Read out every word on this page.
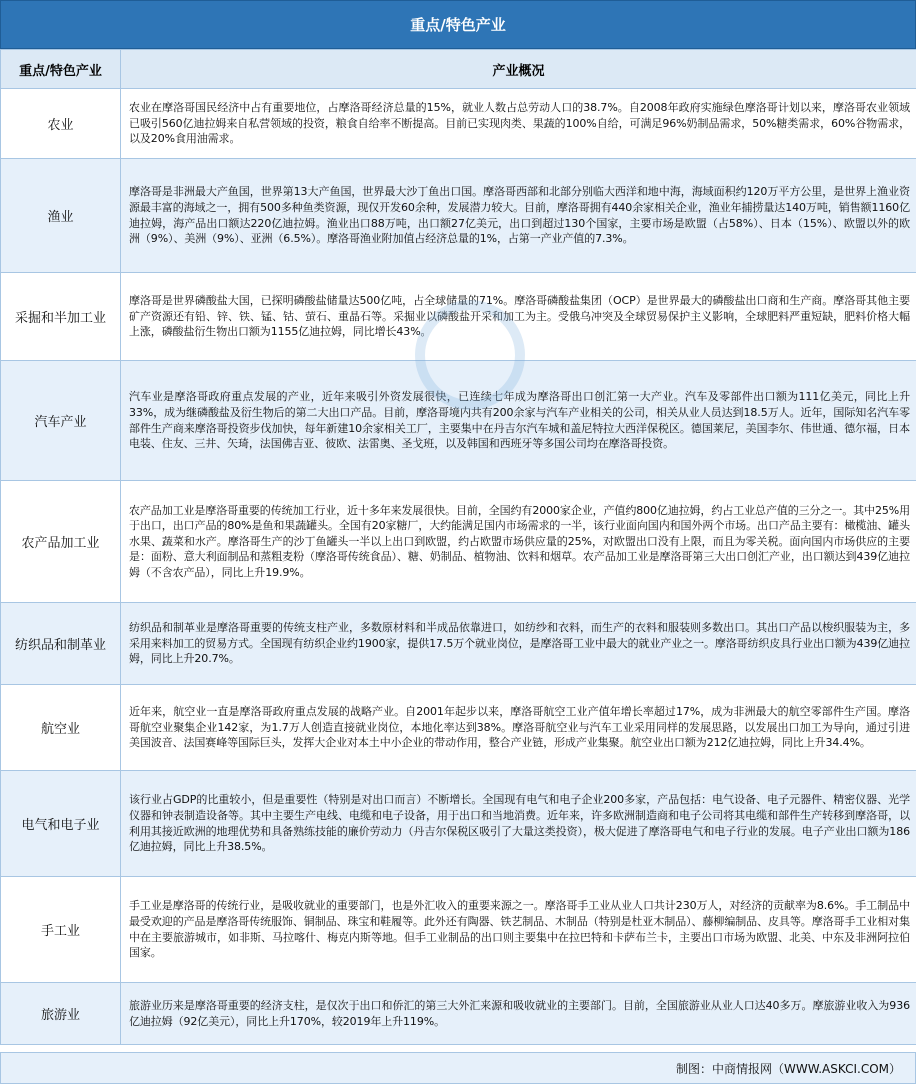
重点/特色产业
重点/特色产业	产业概况
农业	农业在摩洛哥国民经济中占有重要地位，占摩洛哥经济总量的15%，就业人数占总劳动人口的38.7%。自2008年政府实施绿色摩洛哥计划以来，摩洛哥农业领域已吸引560亿迪拉姆来自私营领域的投资，粮食自给率不断提高。目前已实现肉类、果蔬的100%自给，可满足96%奶制品需求，50%糖类需求，60%谷物需求，以及20%食用油需求。
渔业	摩洛哥是非洲最大产鱼国，世界第13大产鱼国，世界最大沙丁鱼出口国。摩洛哥西部和北部分别临大西洋和地中海，海域面积约120万平方公里，是世界上渔业资源最丰富的海域之一，拥有500多种鱼类资源，现仅开发60余种，发展潜力较大。目前，摩洛哥拥有440余家相关企业，渔业年捕捞量达140万吨，销售额1160亿迪拉姆，海产品出口额达220亿迪拉姆。渔业出口88万吨，出口额27亿美元，出口到超过130个国家，主要市场是欧盟（占58%）、日本（15%）、欧盟以外的欧洲（9%）、美洲（9%）、亚洲（6.5%）。摩洛哥渔业附加值占经济总量的1%，占第一产业产值的7.3%。
采掘和半加工业	摩洛哥是世界磷酸盐大国，已探明磷酸盐储量达500亿吨，占全球储量的71%。摩洛哥磷酸盐集团（OCP）是世界最大的磷酸盐出口商和生产商。摩洛哥其他主要矿产资源还有铅、锌、铁、锰、钴、萤石、重晶石等。采掘业以磷酸盐开采和加工为主。受俄乌冲突及全球贸易保护主义影响，全球肥料严重短缺，肥料价格大幅上涨，磷酸盐衍生物出口额为1155亿迪拉姆，同比增长43%。
汽车产业	汽车业是摩洛哥政府重点发展的产业，近年来吸引外资发展很快，已连续七年成为摩洛哥出口创汇第一大产业。汽车及零部件出口额为111亿美元，同比上升33%，成为继磷酸盐及衍生物后的第二大出口产品。目前，摩洛哥境内共有200余家与汽车产业相关的公司，相关从业人员达到18.5万人。近年，国际知名汽车零部件生产商来摩洛哥投资步伐加快，每年新建10余家相关工厂，主要集中在丹吉尔汽车城和盖尼特拉大西洋保税区。德国莱尼，美国李尔、伟世通、德尔福，日本电装、住友、三井、矢琦，法国佛吉亚、彼欧、法雷奥、圣戈班，以及韩国和西班牙等多国公司均在摩洛哥投资。
农产品加工业	农产品加工业是摩洛哥重要的传统加工行业，近十多年来发展很快。目前，全国约有2000家企业，产值约800亿迪拉姆，约占工业总产值的三分之一。其中25%用于出口，出口产品的80%是鱼和果蔬罐头。全国有20家糖厂，大约能满足国内市场需求的一半，该行业面向国内和国外两个市场。出口产品主要有：橄榄油、罐头水果、蔬菜和水产。摩洛哥生产的沙丁鱼罐头一半以上出口到欧盟，约占欧盟市场供应量的25%，对欧盟出口没有上限，而且为零关税。面向国内市场供应的主要是：面粉、意大利面制品和蒸粗麦粉（摩洛哥传统食品）、糖、奶制品、植物油、饮料和烟草。农产品加工业是摩洛哥第三大出口创汇产业，出口额达到439亿迪拉姆（不含农产品），同比上升19.9%。
纺织品和制革业	纺织品和制革业是摩洛哥重要的传统支柱产业，多数原材料和半成品依靠进口，如纺纱和衣料，而生产的衣料和服装则多数出口。其出口产品以梭织服装为主，多采用来料加工的贸易方式。全国现有纺织企业约1900家，提供17.5万个就业岗位，是摩洛哥工业中最大的就业产业之一。摩洛哥纺织皮具行业出口额为439亿迪拉姆，同比上升20.7%。
航空业	近年来，航空业一直是摩洛哥政府重点发展的战略产业。自2001年起步以来，摩洛哥航空工业产值年增长率超过17%，成为非洲最大的航空零部件生产国。摩洛哥航空业聚集企业142家，为1.7万人创造直接就业岗位，本地化率达到38%。摩洛哥航空业与汽车工业采用同样的发展思路，以发展出口加工为导向，通过引进美国波音、法国赛峰等国际巨头，发挥大企业对本土中小企业的带动作用，整合产业链，形成产业集聚。航空业出口额为212亿迪拉姆，同比上升34.4%。
电气和电子业	该行业占GDP的比重较小，但是重要性（特别是对出口而言）不断增长。全国现有电气和电子企业200多家，产品包括：电气设备、电子元器件、精密仪器、光学仪器和钟表制造设备等。其中主要生产电线、电缆和电子设备，用于出口和当地消费。近年来，许多欧洲制造商和电子公司将其电缆和部件生产转移到摩洛哥，以利用其接近欧洲的地理优势和具备熟练技能的廉价劳动力（丹吉尔保税区吸引了大量这类投资），极大促进了摩洛哥电气和电子行业的发展。电子产业出口额为186亿迪拉姆，同比上升38.5%。
手工业	手工业是摩洛哥的传统行业，是吸收就业的重要部门，也是外汇收入的重要来源之一。摩洛哥手工业从业人口共计230万人，对经济的贡献率为8.6%。手工制品中最受欢迎的产品是摩洛哥传统服饰、铜制品、珠宝和鞋履等。此外还有陶器、铁艺制品、木制品（特别是杜亚木制品）、藤柳编制品、皮具等。摩洛哥手工业相对集中在主要旅游城市，如非斯、马拉喀什、梅克内斯等地。但手工业制品的出口则主要集中在拉巴特和卡萨布兰卡，主要出口市场为欧盟、北美、中东及非洲阿拉伯国家。
旅游业	旅游业历来是摩洛哥重要的经济支柱，是仅次于出口和侨汇的第三大外汇来源和吸收就业的主要部门。目前，全国旅游业从业人口达40多万。摩旅游业收入为936亿迪拉姆（92亿美元），同比上升170%，较2019年上升119%。
制图：中商情报网（WWW.ASKCI.COM）
